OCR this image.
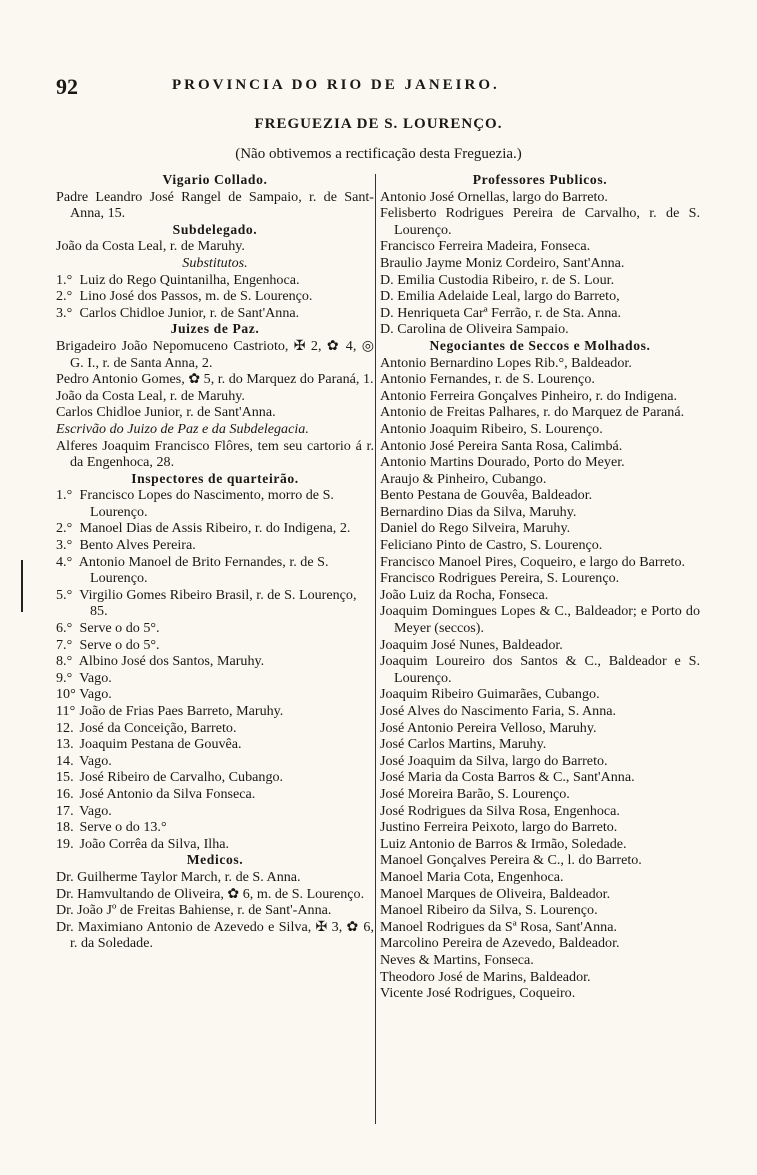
92	PROVINCIA DO RIO DE JANEIRO.
FREGUEZIA DE S. LOURENÇO.
(Não obtivemos a rectificação desta Freguezia.)

Vigario Collado.

Padre Leandro José Rangel de Sampaio, r. de Sant-Anna, 15.

Subdelegado.

João da Costa Leal, r. de Maruhy.

Substitutos.

1.° Luiz do Rego Quintanilha, Engenhoca.

2.° Lino José dos Passos, m. de S. Lourenço.

3.° Carlos Chidloe Junior, r. de Sant'Anna.

Juizes de Paz.

Brigadeiro João Nepomuceno Castrioto, ✠ 2, ✿ 4, ◎ G. I., r. de Santa Anna, 2.

Pedro Antonio Gomes, ✿ 5, r. do Marquez do Paraná, 1.

João da Costa Leal, r. de Maruhy.

Carlos Chidloe Junior, r. de Sant'Anna.

Escrivão do Juizo de Paz e da Subdelegacia.

Alferes Joaquim Francisco Flôres, tem seu cartorio á r. da Engenhoca, 28.

Inspectores de quarteirão.

1.° Francisco Lopes do Nascimento, morro de S. Lourenço.

2.° Manoel Dias de Assis Ribeiro, r. do Indigena, 2.

3.° Bento Alves Pereira.

4.° Antonio Manoel de Brito Fernandes, r. de S. Lourenço.

5.° Virgilio Gomes Ribeiro Brasil, r. de S. Lourenço, 85.

6.° Serve o do 5°.

7.° Serve o do 5°.

8.° Albino José dos Santos, Maruhy.

9.° Vago.

10° Vago.

11° João de Frias Paes Barreto, Maruhy.

12. José da Conceição, Barreto.

13. Joaquim Pestana de Gouvêa.

14. Vago.

15. José Ribeiro de Carvalho, Cubango.

16. José Antonio da Silva Fonseca.

17. Vago.

18. Serve o do 13.°

19. João Corrêa da Silva, Ilha.

Medicos.

Dr. Guilherme Taylor March, r. de S. Anna.

Dr. Hamvultando de Oliveira, ✿ 6, m. de S. Lourenço.

Dr. João Jº de Freitas Bahiense, r. de Sant'-Anna.

Dr. Maximiano Antonio de Azevedo e Silva, ✠ 3, ✿ 6, r. da Soledade.

Professores Publicos.

Antonio José Ornellas, largo do Barreto.

Felisberto Rodrigues Pereira de Carvalho, r. de S. Lourenço.

Francisco Ferreira Madeira, Fonseca.

Braulio Jayme Moniz Cordeiro, Sant'Anna.

D. Emilia Custodia Ribeiro, r. de S. Lour.

D. Emilia Adelaide Leal, largo do Barreto,

D. Henriqueta Carª Ferrão, r. de Sta. Anna.

D. Carolina de Oliveira Sampaio.

Negociantes de Seccos e Molhados.

Antonio Bernardino Lopes Rib.°, Baldeador.

Antonio Fernandes, r. de S. Lourenço.

Antonio Ferreira Gonçalves Pinheiro, r. do Indigena.

Antonio de Freitas Palhares, r. do Marquez de Paraná.

Antonio Joaquim Ribeiro, S. Lourenço.

Antonio José Pereira Santa Rosa, Calimbá.

Antonio Martins Dourado, Porto do Meyer.

Araujo & Pinheiro, Cubango.

Bento Pestana de Gouvêa, Baldeador.

Bernardino Dias da Silva, Maruhy.

Daniel do Rego Silveira, Maruhy.

Feliciano Pinto de Castro, S. Lourenço.

Francisco Manoel Pires, Coqueiro, e largo do Barreto.

Francisco Rodrigues Pereira, S. Lourenço.

João Luiz da Rocha, Fonseca.

Joaquim Domingues Lopes & C., Baldeador; e Porto do Meyer (seccos).

Joaquim José Nunes, Baldeador.

Joaquim Loureiro dos Santos & C., Baldeador e S. Lourenço.

Joaquim Ribeiro Guimarães, Cubango.

José Alves do Nascimento Faria, S. Anna.

José Antonio Pereira Velloso, Maruhy.

José Carlos Martins, Maruhy.

José Joaquim da Silva, largo do Barreto.

José Maria da Costa Barros & C., Sant'Anna.

José Moreira Barão, S. Lourenço.

José Rodrigues da Silva Rosa, Engenhoca.

Justino Ferreira Peixoto, largo do Barreto.

Luiz Antonio de Barros & Irmão, Soledade.

Manoel Gonçalves Pereira & C., l. do Barreto.

Manoel Maria Cota, Engenhoca.

Manoel Marques de Oliveira, Baldeador.

Manoel Ribeiro da Silva, S. Lourenço.

Manoel Rodrigues da Sª Rosa, Sant'Anna.

Marcolino Pereira de Azevedo, Baldeador.

Neves & Martins, Fonseca.

Theodoro José de Marins, Baldeador.

Vicente José Rodrigues, Coqueiro.
